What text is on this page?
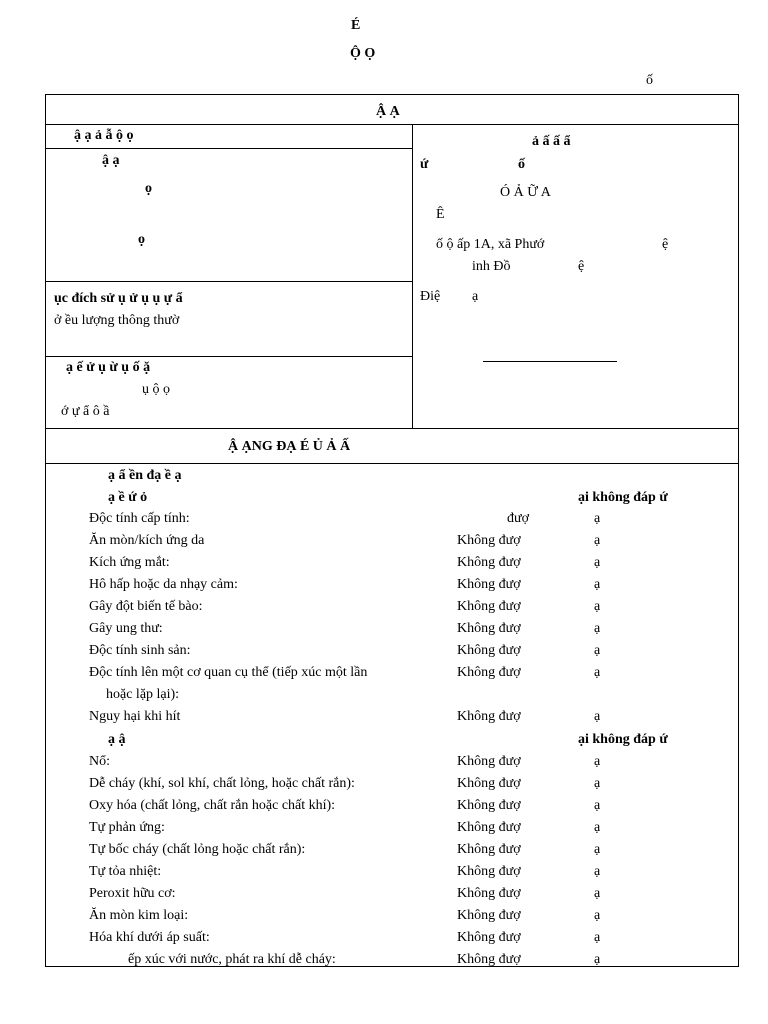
É
Ộ Ọ
ố
Ậ Ạ
ậ ạ ả ẫ ộ ọ
ậ ạ
ọ
ọ
ục đích sử ụ ử ụ ụ ự ẩ
ở ều lượng thông thườ
ạ ế ử ụ ừ ụ ố ặ
ụ ộ ọ
ớ ự ẩ ô ầ
ả ấ ấ ẩ
ứ	ố
Ó Ả Ữ A
Ê
ố ộ ấp 1A, xã Phướ	ệ
inh Đồ	ệ
Điệ ạ
Ậ ẠNG ĐẠ É Ủ Ả Ấ
ạ ẩ ền đạ ề ạ
ạ ề ứ ỏ	ại không đáp ứ
Độc tính cấp tính:	đượ	ạ
Ăn mòn/kích ứng da	Không đượ	ạ
Kích ứng mắt:	Không đượ	ạ
Hô hấp hoặc da nhạy cảm:	Không đượ	ạ
Gây đột biến tế bào:	Không đượ	ạ
Gây ung thư:	Không đượ	ạ
Độc tính sinh sản:	Không đượ	ạ
Độc tính lên một cơ quan cụ thể (tiếp xúc một lần	Không đượ	ạ
hoặc lặp lại):
Nguy hại khi hít	Không đượ	ạ
ạ ậ	ại không đáp ứ
Nổ:	Không đượ	ạ
Dễ cháy (khí, sol khí, chất lỏng, hoặc chất rắn):	Không đượ	ạ
Oxy hóa (chất lỏng, chất rắn hoặc chất khí):	Không đượ	ạ
Tự phản ứng:	Không đượ	ạ
Tự bốc cháy (chất lỏng hoặc chất rắn):	Không đượ	ạ
Tự tỏa nhiệt:	Không đượ	ạ
Peroxit hữu cơ:	Không đượ	ạ
Ăn mòn kim loại:	Không đượ	ạ
Hóa khí dưới áp suất:	Không đượ	ạ
ếp xúc với nước, phát ra khí dễ cháy:	Không đượ	ạ
